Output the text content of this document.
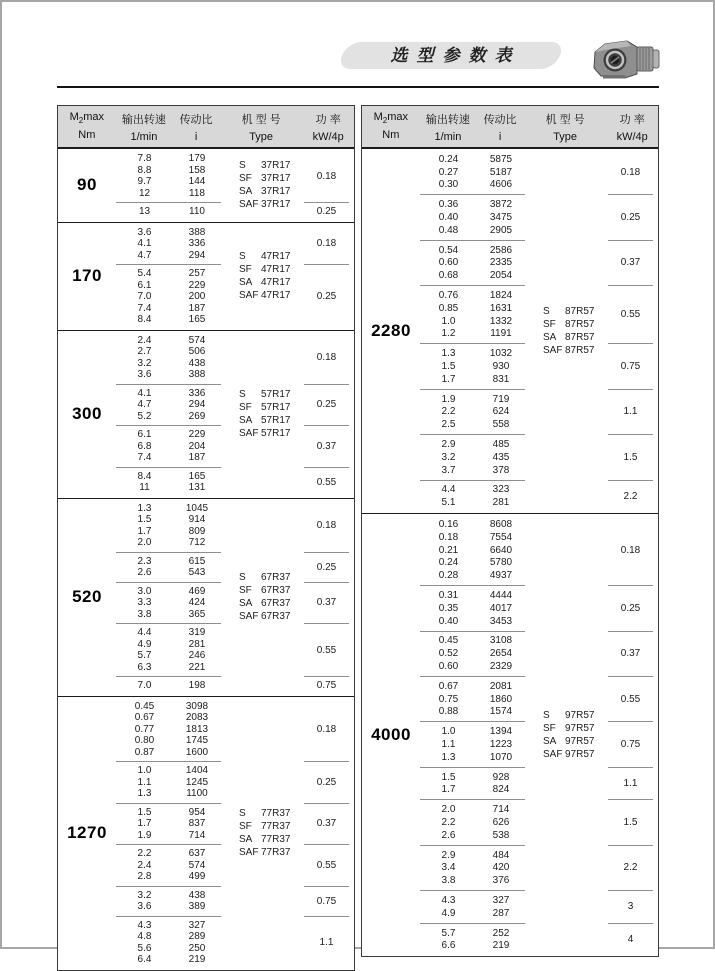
选型参数表
$M_2\max$
Nm
输出转速
1/min
传动比
i
机 型 号
Type
功 率
kW/4p
90
7.8	179
8.8	158
9.7	144
12	118
0.18
13	110	0.25
S	37R17
SF 37R17
SA 37R17
SAF 37R17
170
3.6	388
4.1	336
4.7	294
0.18
5.4	257
6.1	229
7.0	200
7.4	187
8.4	165
0.25
S	47R17
SF 47R17
SA 47R17
SAF 47R17
300
2.4	574
2.7	506
3.2	438
3.6	388
0.18
4.1	336
4.7	294
5.2	269
0.25
6.1	229
6.8	204
7.4	187
0.37
8.4	165
11	131
0.55
S	57R17
SF 57R17
SA 57R17
SAF 57R17
520
1.3	1045
1.5	914
1.7	809
2.0	712
0.18
2.3	615
2.6	543
0.25
3.0	469
3.3	424
3.8	365
0.37
4.4	319
4.9	281
5.7	246
6.3	221
0.55
7.0	198	0.75
S	67R37
SF 67R37
SA 67R37
SAF 67R37
1270
0.45	3098
0.67	2083
0.77	1813
0.80	1745
0.87	1600
0.18
1.0	1404
1.1	1245
1.3	1100
0.25
1.5	954
1.7	837
1.9	714
0.37
2.2	637
2.4	574
2.8	499
0.55
3.2	438
3.6	389
0.75
4.3	327
4.8	289
5.6	250
6.4	219
1.1
S	77R37
SF 77R37
SA 77R37
SAF 77R37
$M_2\max$
Nm
输出转速
1/min
传动比
i
机 型 号
Type
功 率
kW/4p
2280
0.24	5875
0.27	5187
0.30	4606
0.18
0.36	3872
0.40	3475
0.48	2905
0.25
0.54	2586
0.60	2335
0.68	2054
0.37
0.76	1824
0.85	1631
1.0	1332
1.2	1191
0.55
1.3	1032
1.5	930
1.7	831
0.75
1.9	719
2.2	624
2.5	558
1.1
2.9	485
3.2	435
3.7	378
1.5
4.4	323
5.1	281
2.2
S	87R57
SF 87R57
SA 87R57
SAF 87R57
4000
0.16	8608
0.18	7554
0.21	6640
0.24	5780
0.28	4937
0.18
0.31	4444
0.35	4017
0.40	3453
0.25
0.45	3108
0.52	2654
0.60	2329
0.37
0.67	2081
0.75	1860
0.88	1574
0.55
1.0	1394
1.1	1223
1.3	1070
0.75
1.5	928
1.7	824
1.1
2.0	714
2.2	626
2.6	538
1.5
2.9	484
3.4	420
3.8	376
2.2
4.3	327
4.9	287
3
5.7	252
6.6	219
4
S	97R57
SF 97R57
SA 97R57
SAF 97R57
